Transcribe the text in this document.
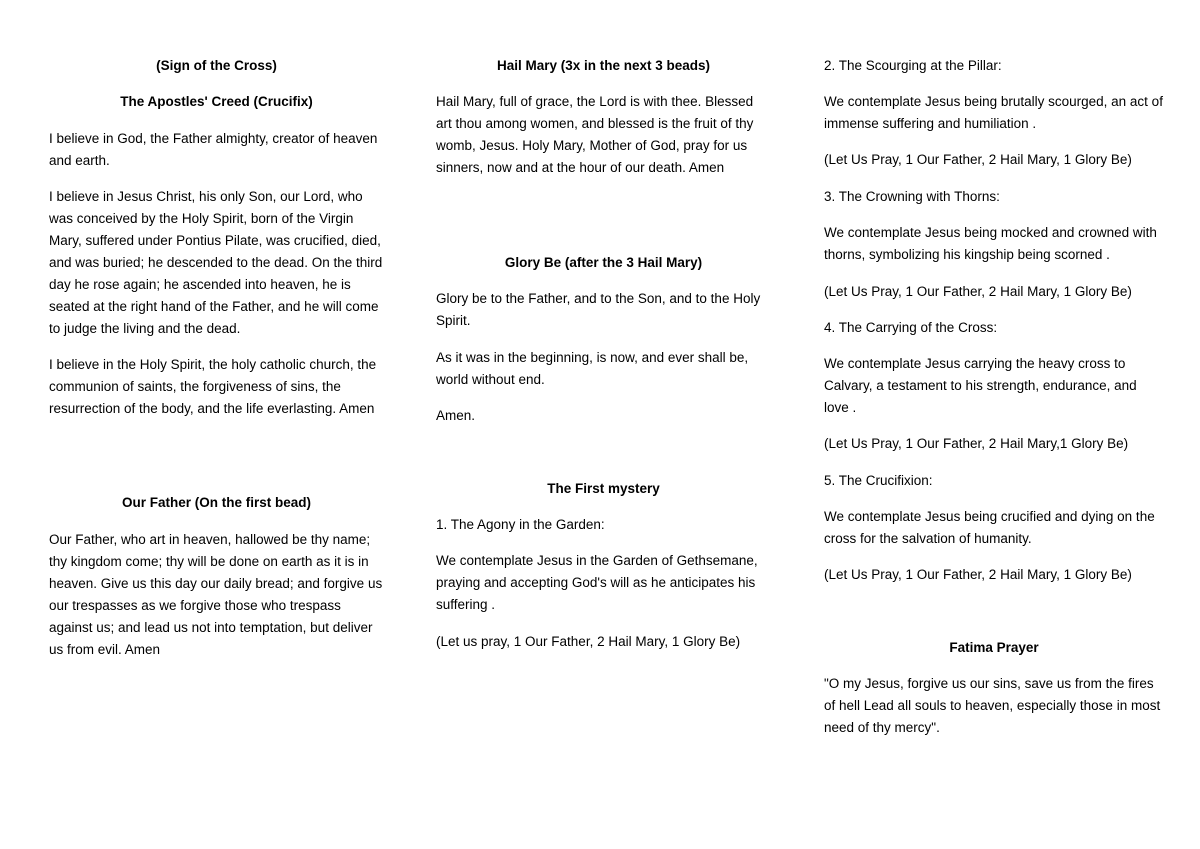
(Sign of the Cross)

The Apostles' Creed (Crucifix)

I believe in God, the Father almighty, creator of heaven and earth.

I believe in Jesus Christ, his only Son, our Lord, who was conceived by the Holy Spirit, born of the Virgin Mary, suffered under Pontius Pilate, was crucified, died, and was buried; he descended to the dead. On the third day he rose again; he ascended into heaven, he is seated at the right hand of the Father, and he will come to judge the living and the dead.

I believe in the Holy Spirit, the holy catholic church, the communion of saints, the forgiveness of sins, the resurrection of the body, and the life everlasting. Amen

Our Father (On the first bead)

Our Father, who art in heaven, hallowed be thy name; thy kingdom come; thy will be done on earth as it is in heaven. Give us this day our daily bread; and forgive us our trespasses as we forgive those who trespass against us; and lead us not into temptation, but deliver us from evil. Amen

Hail Mary (3x in the next 3 beads)

Hail Mary, full of grace, the Lord is with thee. Blessed art thou among women, and blessed is the fruit of thy womb, Jesus. Holy Mary, Mother of God, pray for us sinners, now and at the hour of our death. Amen

Glory Be (after the 3 Hail Mary)

Glory be to the Father, and to the Son, and to the Holy Spirit.

As it was in the beginning, is now, and ever shall be, world without end.

Amen.

The First mystery

1. The Agony in the Garden:

We contemplate Jesus in the Garden of Gethsemane, praying and accepting God's will as he anticipates his suffering .

(Let us pray, 1 Our Father, 2 Hail Mary, 1 Glory Be)

2. The Scourging at the Pillar:

We contemplate Jesus being brutally scourged, an act of immense suffering and humiliation .

(Let Us Pray, 1 Our Father, 2 Hail Mary, 1 Glory Be)

3. The Crowning with Thorns:

We contemplate Jesus being mocked and crowned with thorns, symbolizing his kingship being scorned .

(Let Us Pray, 1 Our Father, 2 Hail Mary, 1 Glory Be)

4. The Carrying of the Cross:

We contemplate Jesus carrying the heavy cross to Calvary, a testament to his strength, endurance, and love .

(Let Us Pray, 1 Our Father, 2 Hail Mary,1 Glory Be)

5. The Crucifixion:

We contemplate Jesus being crucified and dying on the cross for the salvation of humanity.

(Let Us Pray, 1 Our Father, 2 Hail Mary, 1 Glory Be)

Fatima Prayer

"O my Jesus, forgive us our sins, save us from the fires of hell Lead all souls to heaven, especially those in most need of thy mercy".
